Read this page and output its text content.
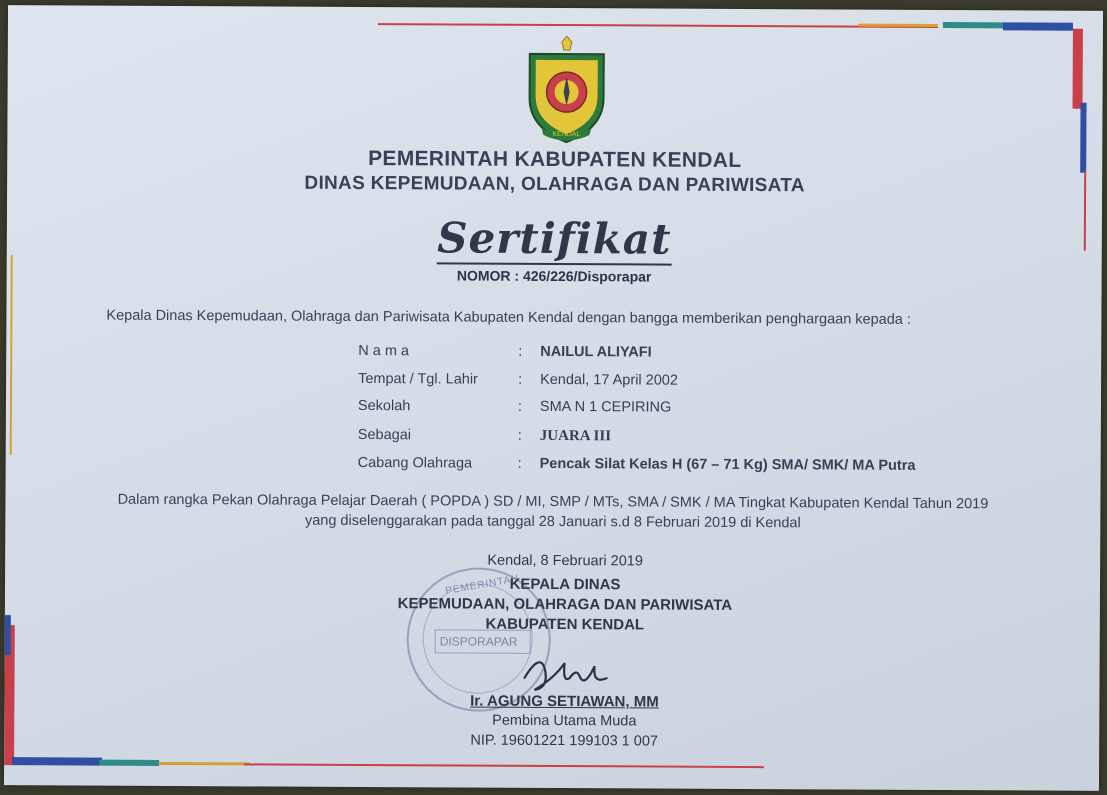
KENDAL
PEMERINTAH KABUPATEN KENDAL
DINAS KEPEMUDAAN, OLAHRAGA DAN PARIWISATA
Sertifikat
NOMOR : 426/226/Disporapar
Kepala Dinas Kepemudaan, Olahraga dan Pariwisata Kabupaten Kendal dengan bangga memberikan penghargaan kepada :
N a m a	: NAILUL ALIYAFI
Tempat / Tgl. Lahir	: Kendal, 17 April 2002
Sekolah	: SMA N 1 CEPIRING
Sebagai	: JUARA III
Cabang Olahraga	: Pencak Silat Kelas H (67 – 71 Kg) SMA/ SMK/ MA Putra
Dalam rangka Pekan Olahraga Pelajar Daerah ( POPDA ) SD / MI, SMP / MTs, SMA / SMK / MA Tingkat Kabupaten Kendal Tahun 2019
yang diselenggarakan pada tanggal 28 Januari s.d 8 Februari 2019 di Kendal
PEMERINTAH
DISPORAPAR
Kendal, 8 Februari 2019
KEPALA DINAS
KEPEMUDAAN, OLAHRAGA DAN PARIWISATA
KABUPATEN KENDAL
Ir. AGUNG SETIAWAN, MM
Pembina Utama Muda
NIP. 19601221 199103 1 007
